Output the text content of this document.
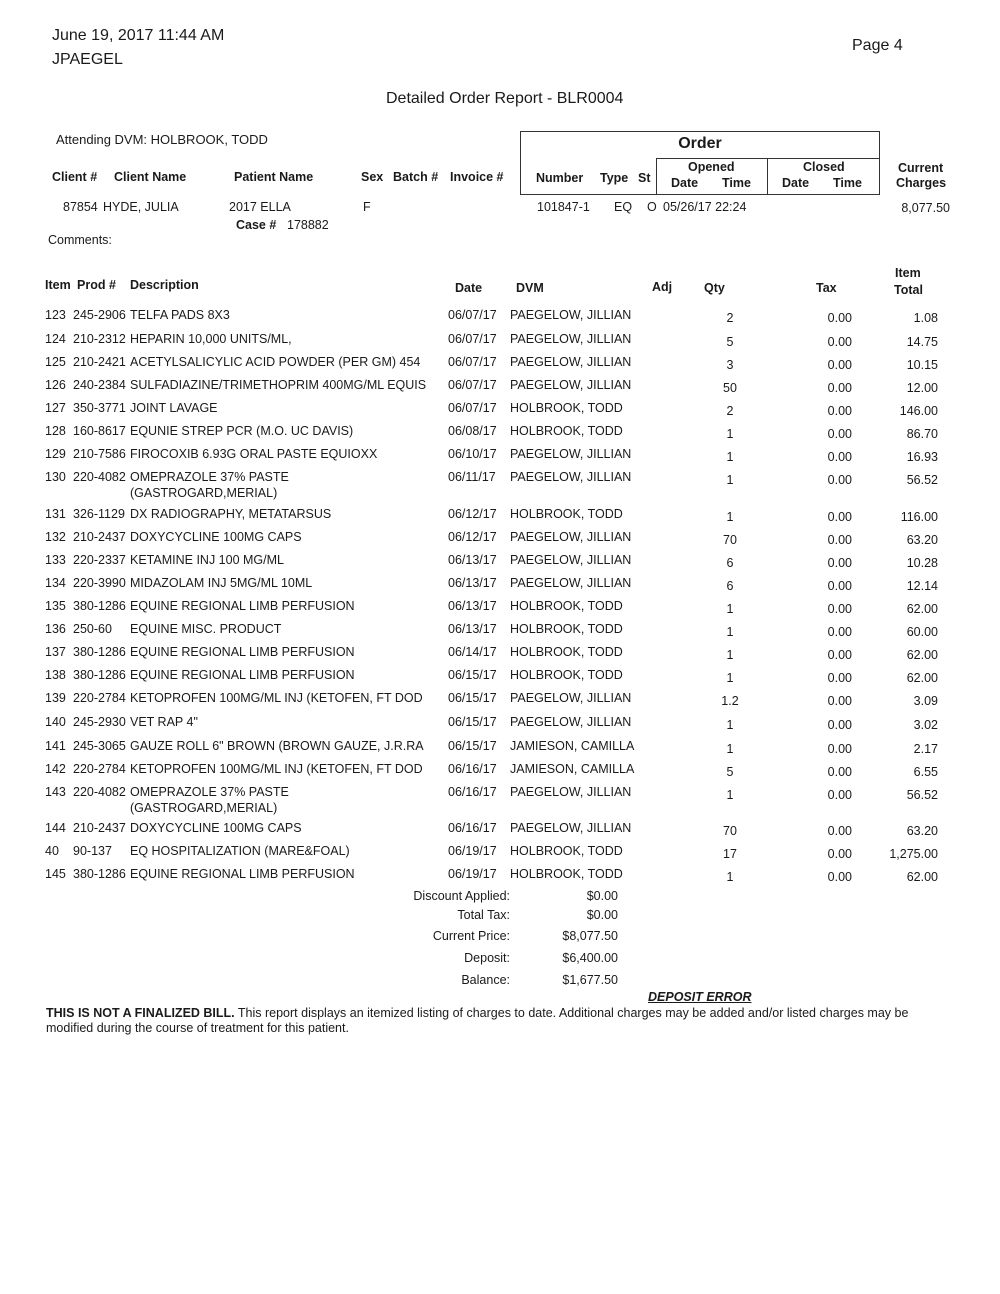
June 19, 2017 11:44 AM
JPAEGEL
Page 4
Detailed Order Report - BLR0004
Attending DVM: HOLBROOK, TODD	Order
Opened	Closed
Client # Client Name	Patient Name	Sex Batch # Invoice #	Number Type St Date Time Date Time
Current
Charges
87854 HYDE, JULIA	2017 ELLA
Case # 178882
F	101847-1 EQ O 05/26/17 22:24	8,077.50
Comments:
Item Prod # Description	Date	DVM	Adj	Qty	Tax
Item
Total
123 245-2906 TELFA PADS 8X3	06/07/17 PAEGELOW, JILLIAN	2	0.00	1.08
124 210-2312 HEPARIN 10,000 UNITS/ML,	06/07/17 PAEGELOW, JILLIAN	5	0.00	14.75
125 210-2421 ACETYLSALICYLIC ACID POWDER (PER GM) 454 06/07/17 PAEGELOW, JILLIAN	3	0.00	10.15
126 240-2384 SULFADIAZINE/TRIMETHOPRIM 400MG/ML EQUIS 06/07/17 PAEGELOW, JILLIAN	50	0.00	12.00
127 350-3771 JOINT LAVAGE	06/07/17 HOLBROOK, TODD	2	0.00	146.00
128 160-8617 EQUNIE STREP PCR (M.O. UC DAVIS)	06/08/17 HOLBROOK, TODD	1	0.00	86.70
129 210-7586 FIROCOXIB 6.93G ORAL PASTE EQUIOXX	06/10/17 PAEGELOW, JILLIAN	1	0.00	16.93
130 220-4082 OMEPRAZOLE 37% PASTE	06/11/17 PAEGELOW, JILLIAN	1	0.00	56.52
(GASTROGARD,MERIAL)
131 326-1129 DX RADIOGRAPHY, METATARSUS	06/12/17 HOLBROOK, TODD	1	0.00	116.00
132 210-2437 DOXYCYCLINE 100MG CAPS	06/12/17 PAEGELOW, JILLIAN	70	0.00	63.20
133 220-2337 KETAMINE INJ 100 MG/ML	06/13/17 PAEGELOW, JILLIAN	6	0.00	10.28
134 220-3990 MIDAZOLAM INJ 5MG/ML 10ML	06/13/17 PAEGELOW, JILLIAN	6	0.00	12.14
135 380-1286 EQUINE REGIONAL LIMB PERFUSION	06/13/17 HOLBROOK, TODD	1	0.00	62.00
136 250-60 EQUINE MISC. PRODUCT	06/13/17 HOLBROOK, TODD	1	0.00	60.00
137 380-1286 EQUINE REGIONAL LIMB PERFUSION	06/14/17 HOLBROOK, TODD	1	0.00	62.00
138 380-1286 EQUINE REGIONAL LIMB PERFUSION	06/15/17 HOLBROOK, TODD	1	0.00	62.00
139 220-2784 KETOPROFEN 100MG/ML INJ (KETOFEN, FT DOD 06/15/17 PAEGELOW, JILLIAN	1.2	0.00	3.09
140 245-2930 VET RAP 4"	06/15/17 PAEGELOW, JILLIAN	1	0.00	3.02
141 245-3065 GAUZE ROLL 6" BROWN (BROWN GAUZE, J.R.RA 06/15/17 JAMIESON, CAMILLA	1	0.00	2.17
142 220-2784 KETOPROFEN 100MG/ML INJ (KETOFEN, FT DOD 06/16/17 JAMIESON, CAMILLA	5	0.00	6.55
143 220-4082 OMEPRAZOLE 37% PASTE	06/16/17 PAEGELOW, JILLIAN	1	0.00	56.52
(GASTROGARD,MERIAL)
144 210-2437 DOXYCYCLINE 100MG CAPS	06/16/17 PAEGELOW, JILLIAN	70	0.00	63.20
40 90-137 EQ HOSPITALIZATION (MARE&FOAL)	06/19/17 HOLBROOK, TODD	17	0.00	1,275.00
145 380-1286 EQUINE REGIONAL LIMB PERFUSION	06/19/17 HOLBROOK, TODD	1	0.00	62.00
Discount Applied:	$0.00
Total Tax:	$0.00
Current Price:	$8,077.50
Deposit:	$6,400.00
Balance:	$1,677.50
DEPOSIT ERROR
THIS IS NOT A FINALIZED BILL. This report displays an itemized listing of charges to date. Additional charges may be added and/or listed charges may be modified during the course of treatment for this patient.
